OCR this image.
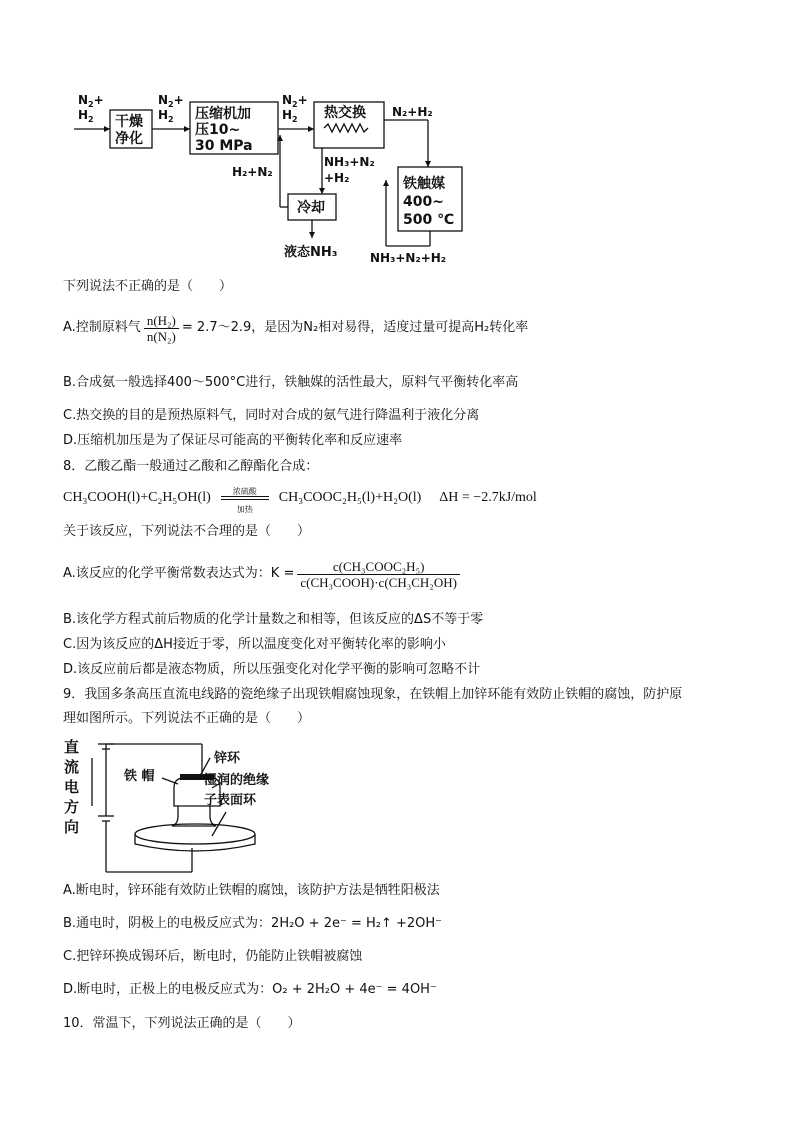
$N_2+$
$H_2$ 干燥
净化
$N_2+$
$H_2$ 压缩机加
压10~
30 MPa
$N_2+$
$H_2$ 热交换 N₂+H₂
铁触媒
400~
500 ℃
H₂+N₂
NH₃+N₂
+H₂
冷却
液态NH₃	NH₃+N₂+H₂
下列说法不正确的是（　　）
A.控制原料气 $\frac{\text{n(H₂)}}{\text{n(N₂)}}$ = 2.7～2.9，是因为N₂相对易得，适度过量可提高H₂转化率
B.合成氨一般选择400～500°C进行，铁触媒的活性最大，原料气平衡转化率高
C.热交换的目的是预热原料气，同时对合成的氨气进行降温利于液化分离
D.压缩机加压是为了保证尽可能高的平衡转化率和反应速率
8．乙酸乙酯一般通过乙酸和乙醇酯化合成：
CH₃COOH(l)+C₂H₅OH(l)	浓硫酸
加热
CH₃COOC₂H₅(l)+H₂O(l) ΔH = −2.7kJ/mol
关于该反应，下列说法不合理的是（　　）
A.该反应的化学平衡常数表达式为：$K = \frac{\text{c(CH₃COOC₂H₅)}}{\text{c(CH₃COOH)·c(CH₃CH₂OH)}}$
B.该化学方程式前后物质的化学计量数之和相等，但该反应的ΔS不等于零
C.因为该反应的ΔH接近于零，所以温度变化对平衡转化率的影响小
D.该反应前后都是液态物质，所以压强变化对化学平衡的影响可忽略不计
9．我国多条高压直流电线路的瓷绝缘子出现铁帽腐蚀现象，在铁帽上加锌环能有效防止铁帽的腐蚀，防护原
理如图所示。下列说法不正确的是（　　）
直
流
电
方
向
锌环
铁 帽	湿润的绝缘
子表面环
A.断电时，锌环能有效防止铁帽的腐蚀，该防护方法是牺牲阳极法
B.通电时，阴极上的电极反应式为：2H₂O + 2e⁻ = H₂↑ +2OH⁻
C.把锌环换成锡环后，断电时，仍能防止铁帽被腐蚀
D.断电时，正极上的电极反应式为：O₂ + 2H₂O + 4e⁻ = 4OH⁻
10．常温下，下列说法正确的是（　　）
